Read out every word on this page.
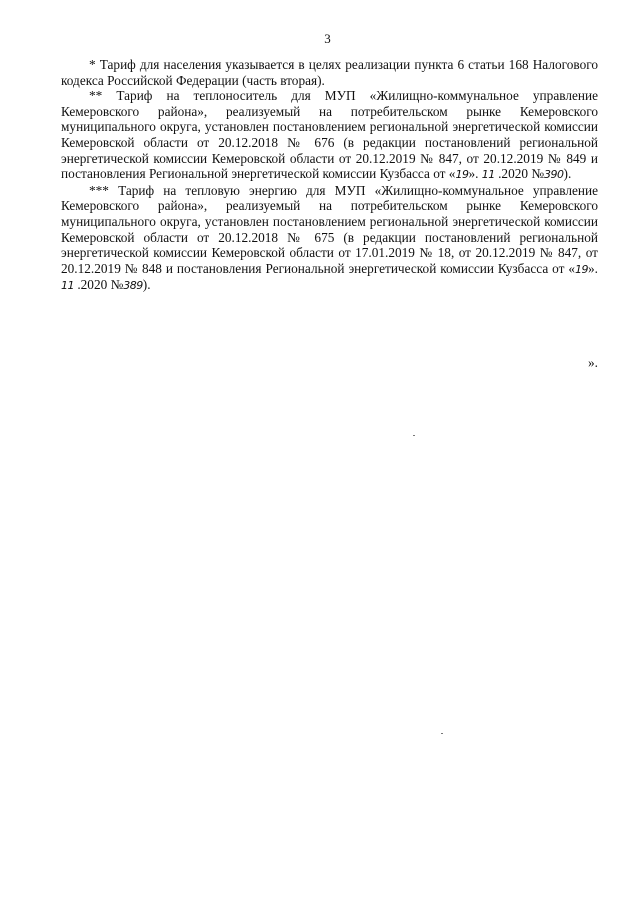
3

* Тариф для населения указывается в целях реализации пункта 6 статьи 168 Налогового кодекса Российской Федерации (часть вторая).

** Тариф на теплоноситель для МУП «Жилищно-коммунальное управление Кемеровского района», реализуемый на потребительском рынке Кемеровского муниципального округа, установлен постановлением региональной энергетической комиссии Кемеровской области от 20.12.2018 № 676 (в редакции постановлений региональной энергетической комиссии Кемеровской области от 20.12.2019 № 847, от 20.12.2019 № 849 и постановления Региональной энергетической комиссии Кузбасса от «19». 11 .2020 №390).

*** Тариф на тепловую энергию для МУП «Жилищно-коммунальное управление Кемеровского района», реализуемый на потребительском рынке Кемеровского муниципального округа, установлен постановлением региональной энергетической комиссии Кемеровской области от 20.12.2018 № 675 (в редакции постановлений региональной энергетической комиссии Кемеровской области от 17.01.2019 № 18, от 20.12.2019 № 847, от 20.12.2019 № 848 и постановления Региональной энергетической комиссии Кузбасса от «19». 11 .2020 №389).

».
